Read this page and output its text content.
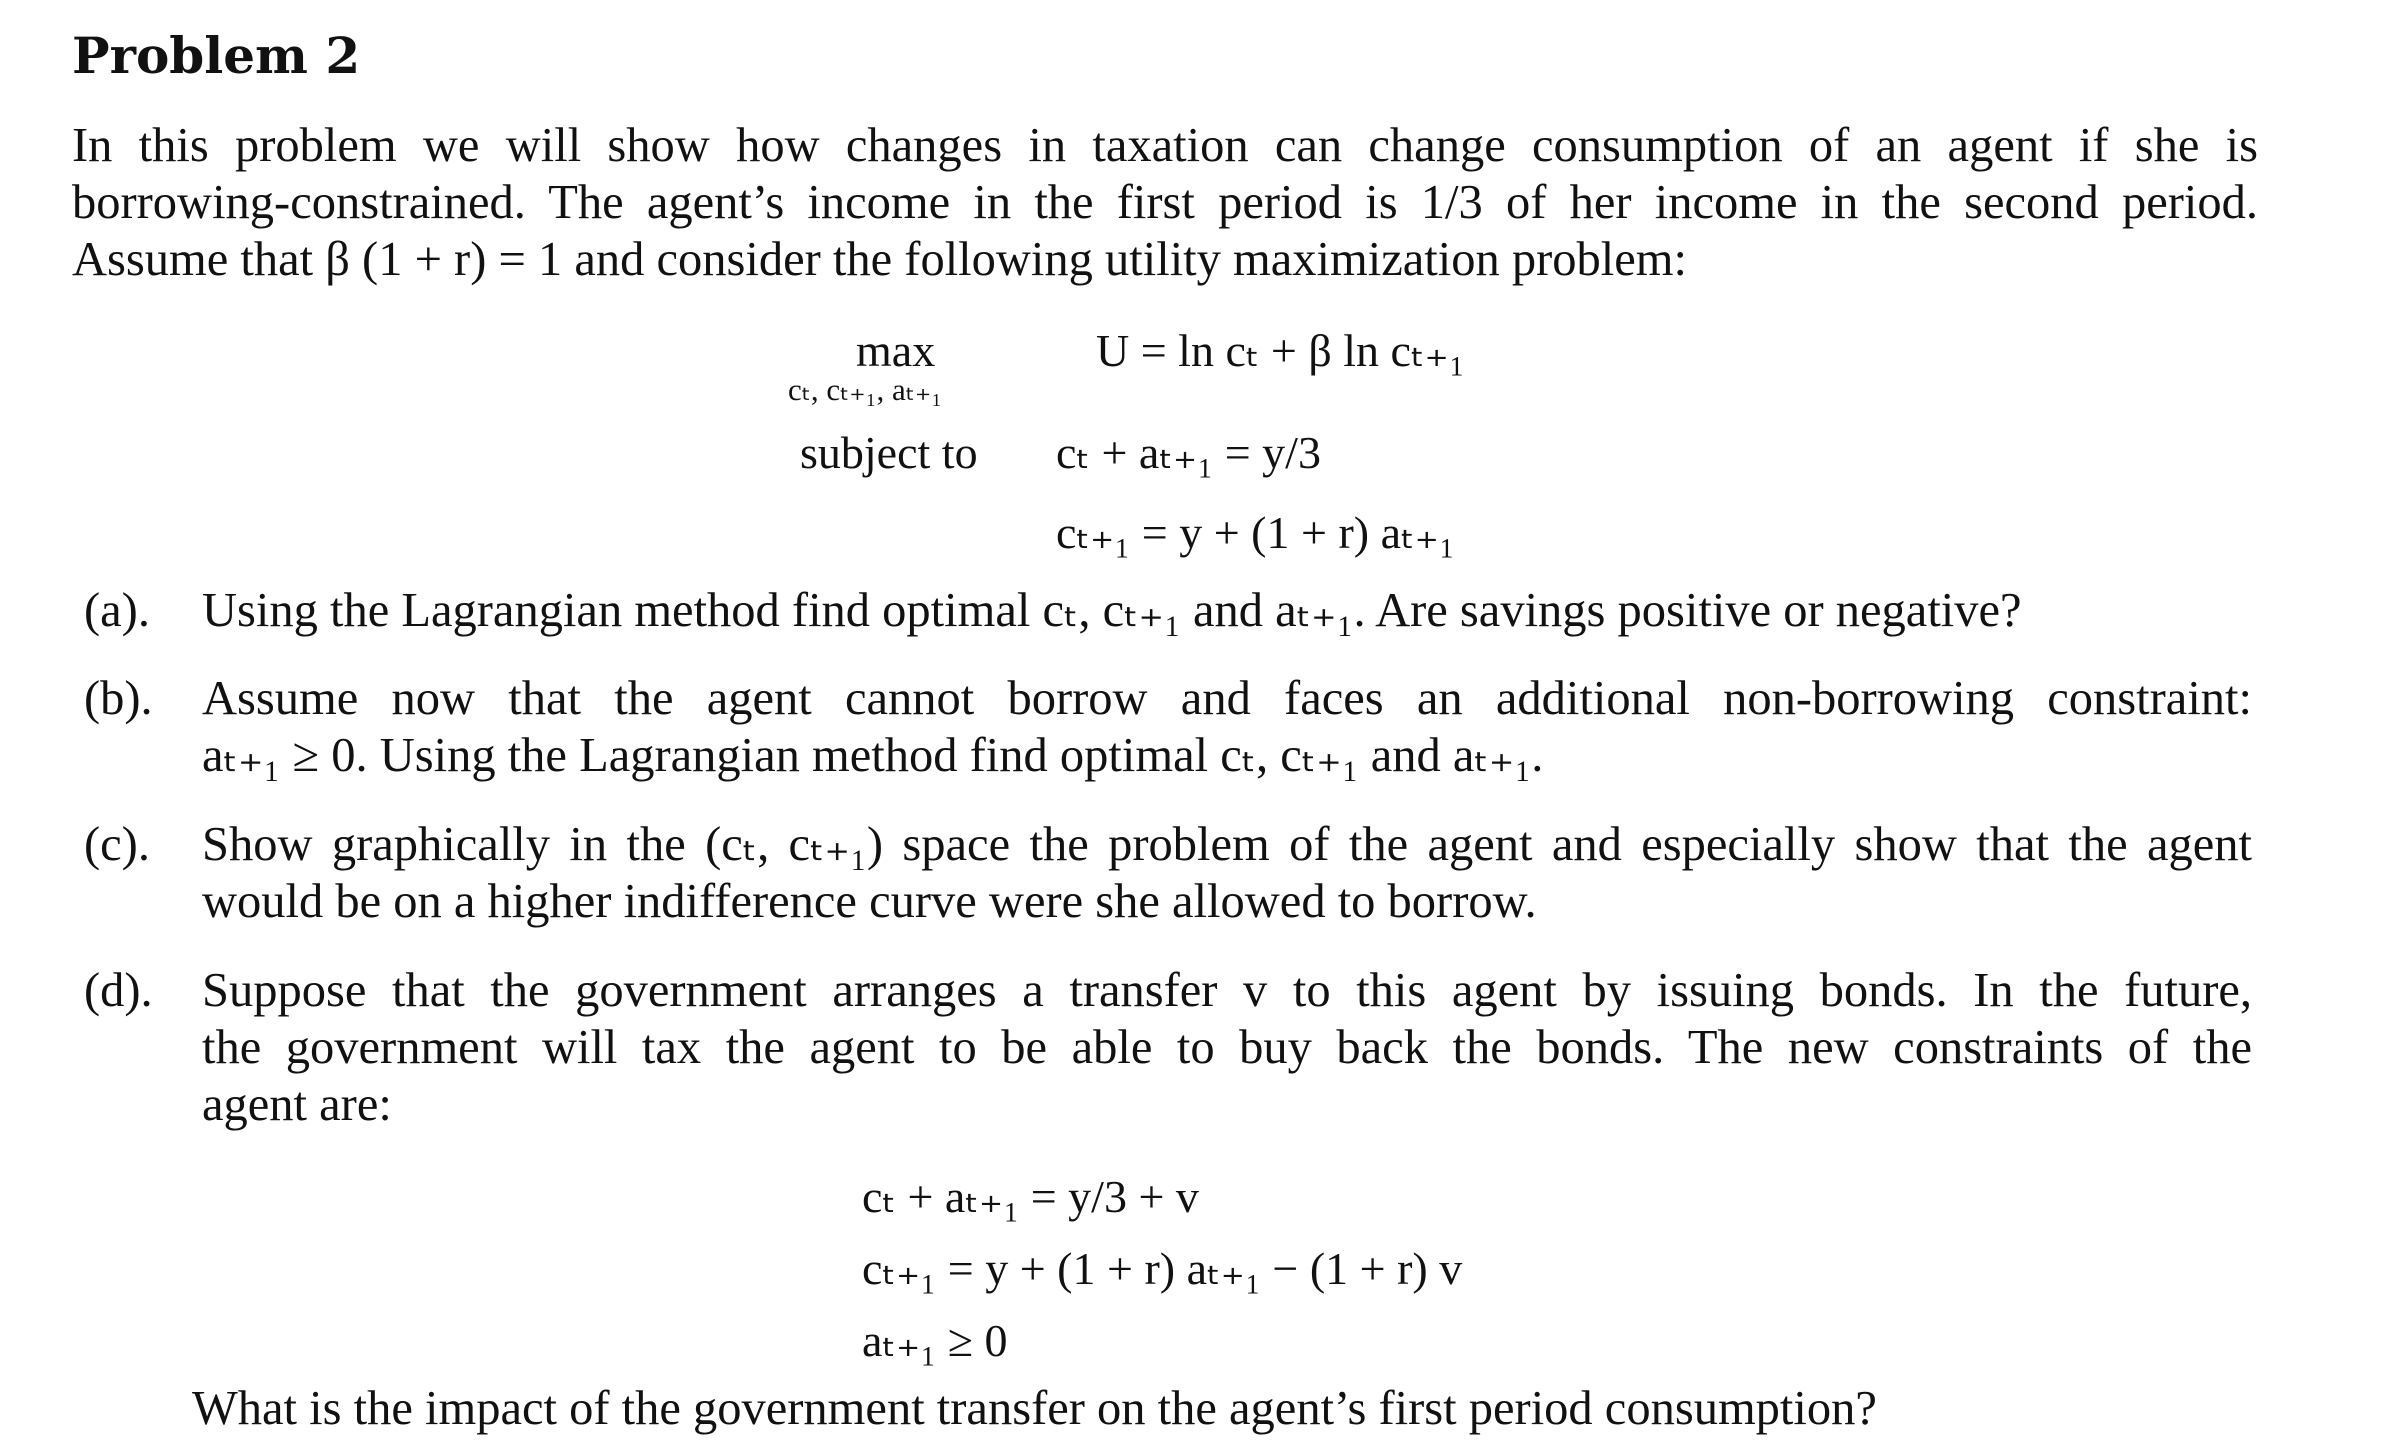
Problem 2
In this problem we will show how changes in taxation can change consumption of an agent if she is
borrowing-constrained. The agent’s income in the first period is 1/3 of her income in the second period.
Assume that β (1 + r) = 1 and consider the following utility maximization problem:
max
cₜ, cₜ₊₁, aₜ₊₁
U = ln cₜ + β ln cₜ₊₁
subject to cₜ + aₜ₊₁ = y/3
cₜ₊₁ = y + (1 + r) aₜ₊₁
(a). Using the Lagrangian method find optimal cₜ, cₜ₊₁ and aₜ₊₁. Are savings positive or negative?
(b). Assume now that the agent cannot borrow and faces an additional non-borrowing constraint:
aₜ₊₁ ≥ 0. Using the Lagrangian method find optimal cₜ, cₜ₊₁ and aₜ₊₁.
(c). Show graphically in the (cₜ, cₜ₊₁) space the problem of the agent and especially show that the agent
would be on a higher indifference curve were she allowed to borrow.
(d). Suppose that the government arranges a transfer v to this agent by issuing bonds. In the future,
the government will tax the agent to be able to buy back the bonds. The new constraints of the
agent are:
cₜ + aₜ₊₁ = y/3 + v
cₜ₊₁ = y + (1 + r) aₜ₊₁ − (1 + r) v
aₜ₊₁ ≥ 0
What is the impact of the government transfer on the agent’s first period consumption?
